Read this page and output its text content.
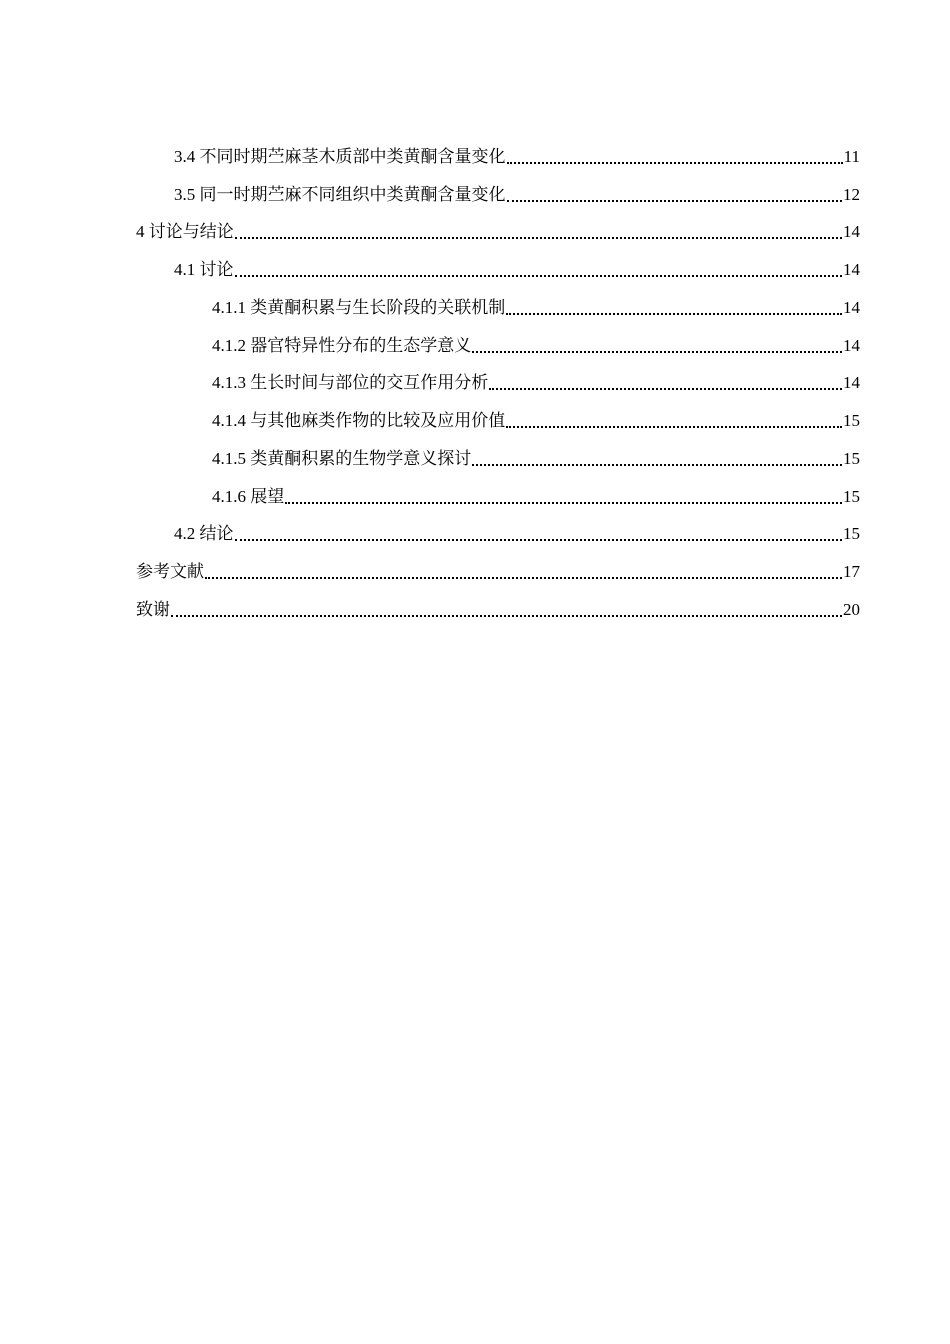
3.4 不同时期苎麻茎木质部中类黄酮含量变化	11
3.5 同一时期苎麻不同组织中类黄酮含量变化	12
4 讨论与结论	14
4.1 讨论	14
4.1.1 类黄酮积累与生长阶段的关联机制	14
4.1.2 器官特异性分布的生态学意义	14
4.1.3 生长时间与部位的交互作用分析	14
4.1.4 与其他麻类作物的比较及应用价值	15
4.1.5 类黄酮积累的生物学意义探讨	15
4.1.6 展望	15
4.2 结论	15
参考文献	17
致谢	20
